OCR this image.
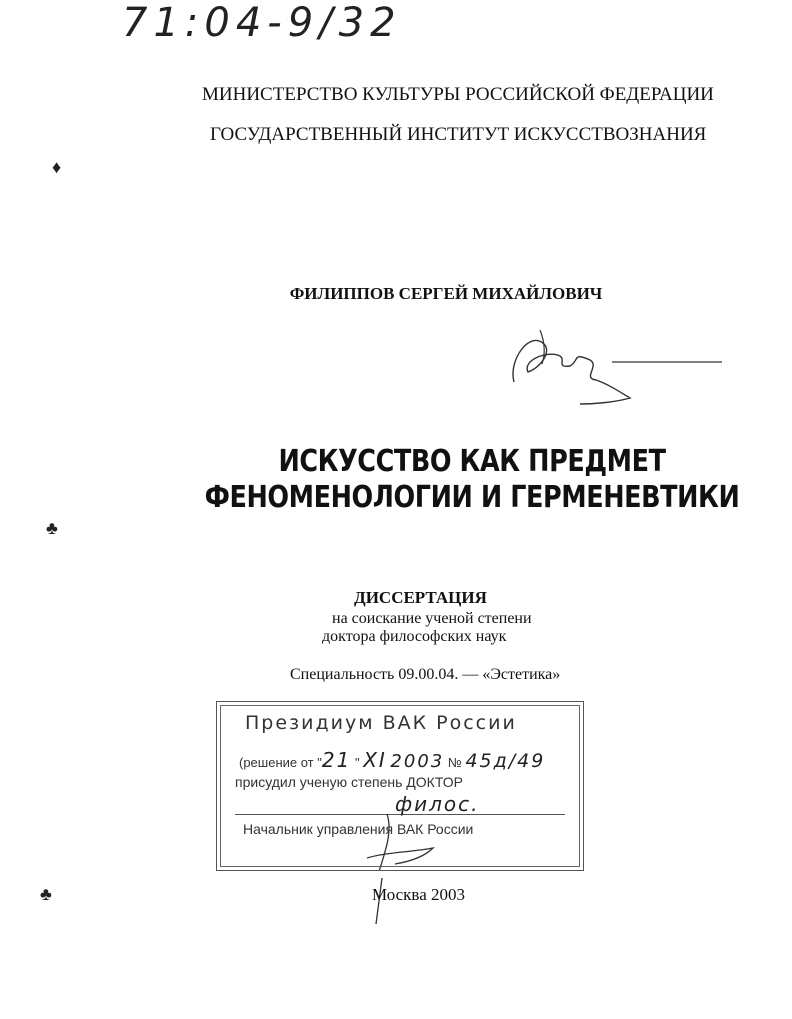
71:04-9/32
♦
♣
♣
МИНИСТЕРСТВО КУЛЬТУРЫ РОССИЙСКОЙ ФЕДЕРАЦИИ
ГОСУДАРСТВЕННЫЙ ИНСТИТУТ ИСКУССТВОЗНАНИЯ
ФИЛИППОВ СЕРГЕЙ МИХАЙЛОВИЧ
ИСКУССТВО КАК ПРЕДМЕТ
ФЕНОМЕНОЛОГИИ И ГЕРМЕНЕВТИКИ
ДИССЕРТАЦИЯ
на соискание ученой степени
доктора философских наук
Специальность 09.00.04. — «Эстетика»
Президиум ВАК России
(решение от "21 " XI 2003 № 45д/49
присудил ученую степень ДОКТОР
филос.
Начальник управления ВАК России
Москва 2003
